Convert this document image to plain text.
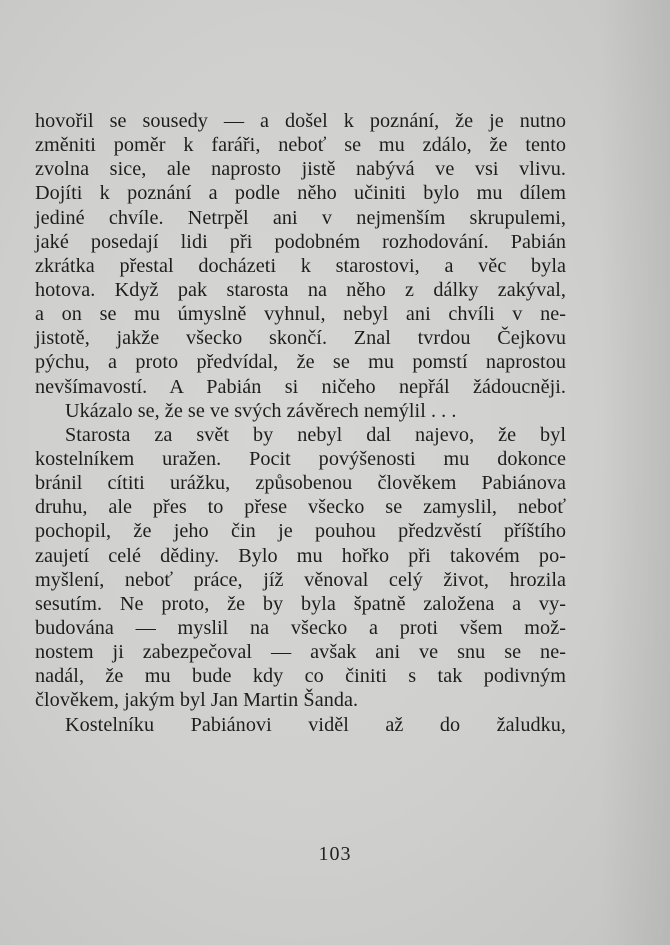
hovořil se sousedy — a došel k poznání, že je nutno
změniti poměr k faráři, neboť se mu zdálo, že tento
zvolna sice, ale naprosto jistě nabývá ve vsi vlivu.
Dojíti k poznání a podle něho učiniti bylo mu dílem
jediné chvíle. Netrpěl ani v nejmenším skrupulemi,
jaké posedají lidi při podobném rozhodování. Pabián
zkrátka přestal docházeti k starostovi, a věc byla
hotova. Když pak starosta na něho z dálky zakýval,
a on se mu úmyslně vyhnul, nebyl ani chvíli v ne-
jistotě, jakže všecko skončí. Znal tvrdou Čejkovu
pýchu, a proto předvídal, že se mu pomstí naprostou
nevšímavostí. A Pabián si ničeho nepřál žádoucněji.
Ukázalo se, že se ve svých závěrech nemýlil . . .
Starosta za svět by nebyl dal najevo, že byl
kostelníkem uražen. Pocit povýšenosti mu dokonce
bránil cítiti urážku, způsobenou člověkem Pabiánova
druhu, ale přes to přese všecko se zamyslil, neboť
pochopil, že jeho čin je pouhou předzvěstí příštího
zaujetí celé dědiny. Bylo mu hořko při takovém po-
myšlení, neboť práce, jíž věnoval celý život, hrozila
sesutím. Ne proto, že by byla špatně založena a vy-
budována — myslil na všecko a proti všem mož-
nostem ji zabezpečoval — avšak ani ve snu se ne-
nadál, že mu bude kdy co činiti s tak podivným
člověkem, jakým byl Jan Martin Šanda.
Kostelníku Pabiánovi viděl až do žaludku,
103
